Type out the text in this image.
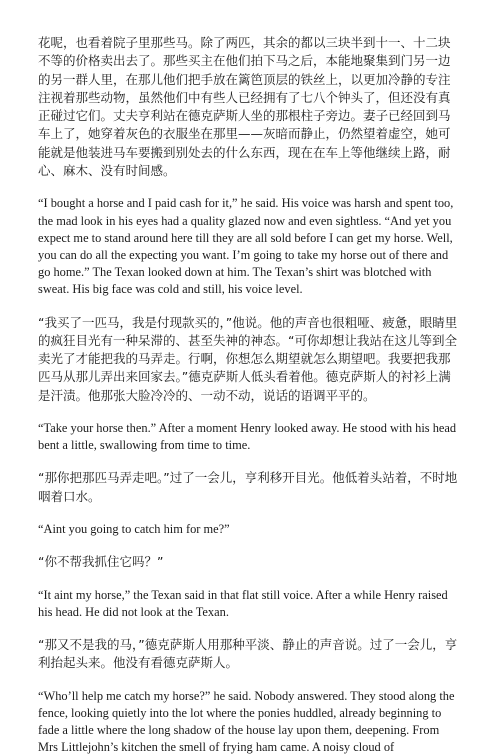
花呢，也看着院子里那些马。除了两匹，其余的都以三块半到十一、十二块不等的价格卖出去了。那些买主在他们拍下马之后，本能地聚集到门另一边的另一群人里，在那儿他们把手放在篱笆顶层的铁丝上，以更加冷静的专注注视着那些动物，虽然他们中有些人已经拥有了七八个钟头了，但还没有真正碰过它们。丈夫亨利站在德克萨斯人坐的那根柱子旁边。妻子已经回到马车上了，她穿着灰色的衣服坐在那里——灰暗而静止，仍然望着虚空，她可能就是他装进马车要搬到别处去的什么东西，现在在车上等他继续上路，耐心、麻木、没有时间感。

“I bought a horse and I paid cash for it,” he said. His voice was harsh and spent too, the mad look in his eyes had a quality glazed now and even sightless. “And yet you expect me to stand around here till they are all sold before I can get my horse. Well, you can do all the expecting you want. I’m going to take my horse out of there and go home.” The Texan looked down at him. The Texan’s shirt was blotched with sweat. His big face was cold and still, his voice level.

“我买了一匹马，我是付现款买的，”他说。他的声音也很粗哑、疲惫，眼睛里的疯狂目光有一种呆滞的、甚至失神的神态。“可你却想让我站在这儿等到全卖光了才能把我的马弄走。行啊，你想怎么期望就怎么期望吧。我要把我那匹马从那儿弄出来回家去。”德克萨斯人低头看着他。德克萨斯人的衬衫上满是汗渍。他那张大脸冷冷的、一动不动，说话的语调平平的。

“Take your horse then.” After a moment Henry looked away. He stood with his head bent a little, swallowing from time to time.

“那你把那匹马弄走吧。”过了一会儿，亨利移开目光。他低着头站着，不时地咽着口水。

“Aint you going to catch him for me?”

“你不帮我抓住它吗？”

“It aint my horse,” the Texan said in that flat still voice. After a while Henry raised his head. He did not look at the Texan.

“那又不是我的马，”德克萨斯人用那种平淡、静止的声音说。过了一会儿，亨利抬起头来。他没有看德克萨斯人。

“Who’ll help me catch my horse?” he said. Nobody answered. They stood along the fence, looking quietly into the lot where the ponies huddled, already beginning to fade a little where the long shadow of the house lay upon them, deepening. From Mrs Littlejohn’s kitchen the smell of frying ham came. A noisy cloud of
